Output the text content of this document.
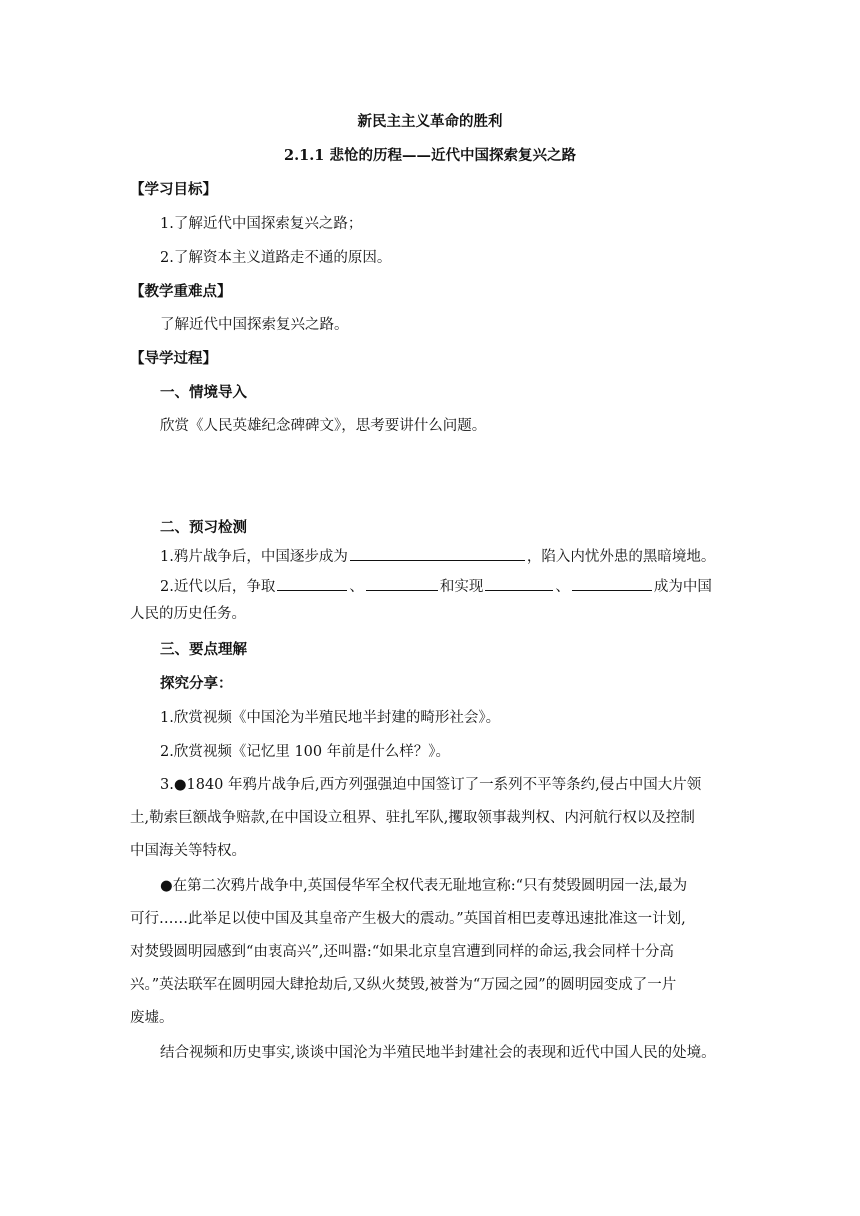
新民主主义革命的胜利
2.1.1 悲怆的历程——近代中国探索复兴之路
【学习目标】
1.了解近代中国探索复兴之路；
2.了解资本主义道路走不通的原因。
【教学重难点】
了解近代中国探索复兴之路。
【导学过程】
一、情境导入
欣赏《人民英雄纪念碑碑文》，思考要讲什么问题。
二、预习检测
1.鸦片战争后，中国逐步成为	，陷入内忧外患的黑暗境地。
2.近代以后，争取	、	和实现	、	成为中国
人民的历史任务。
三、要点理解
探究分享：
1.欣赏视频《中国沦为半殖民地半封建的畸形社会》。
2.欣赏视频《记忆里 100 年前是什么样？》。
3.●1840 年鸦片战争后,西方列强强迫中国签订了一系列不平等条约,侵占中国大片领
土,勒索巨额战争赔款,在中国设立租界、驻扎军队,攫取领事裁判权、内河航行权以及控制
中国海关等特权。
●在第二次鸦片战争中,英国侵华军全权代表无耻地宣称:“只有焚毁圆明园一法,最为
可行……此举足以使中国及其皇帝产生极大的震动。”英国首相巴麦尊迅速批准这一计划,
对焚毁圆明园感到“由衷高兴”,还叫嚣:“如果北京皇宫遭到同样的命运,我会同样十分高
兴。”英法联军在圆明园大肆抢劫后,又纵火焚毁,被誉为“万园之园”的圆明园变成了一片
废墟。
结合视频和历史事实,谈谈中国沦为半殖民地半封建社会的表现和近代中国人民的处境。
